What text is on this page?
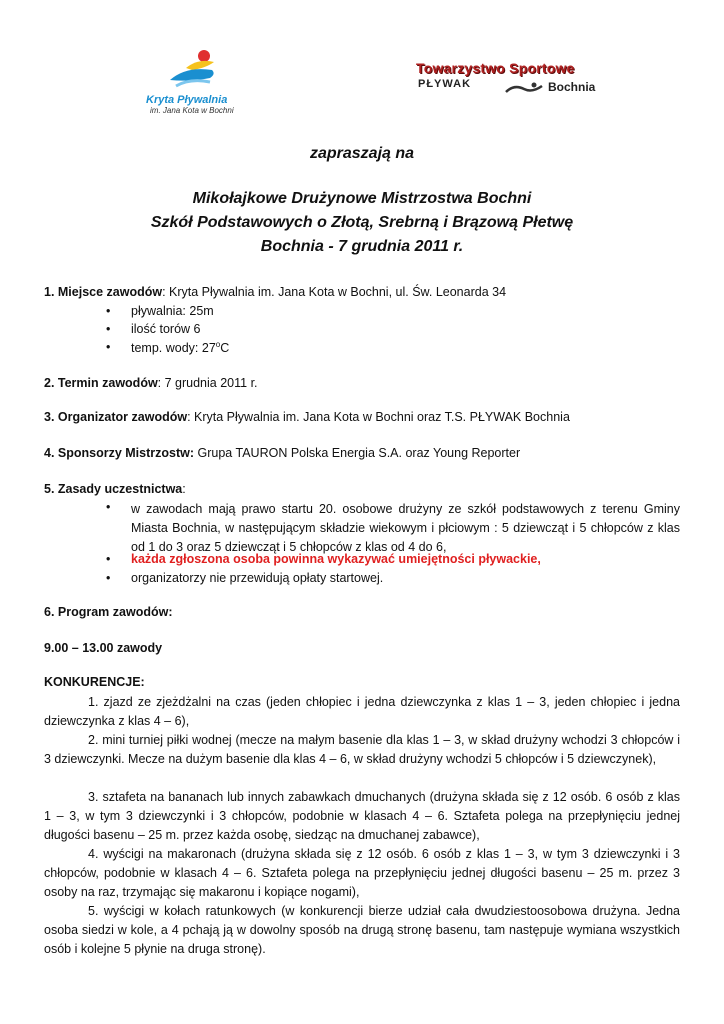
Kryta Pływalnia
im. Jana Kota w Bochni
Towarzystwo Sportowe
PŁYWAK	Bochnia
zapraszają na
Mikołajkowe Drużynowe Mistrzostwa Bochni
Szkół Podstawowych o Złotą, Srebrną i Brązową Płetwę
Bochnia - 7 grudnia 2011 r.
1. Miejsce zawodów: Kryta Pływalnia im. Jana Kota w Bochni, ul. Św. Leonarda 34
• pływalnia: 25m
• ilość torów 6
• temp. wody: 27$^o$C
2. Termin zawodów: 7 grudnia 2011 r.
3. Organizator zawodów: Kryta Pływalnia im. Jana Kota w Bochni oraz T.S. PŁYWAK Bochnia
4. Sponsorzy Mistrzostw: Grupa TAURON Polska Energia S.A. oraz Young Reporter
5. Zasady uczestnictwa:
• w zawodach mają prawo startu 20. osobowe drużyny ze szkół podstawowych z terenu Gminy Miasta Bochnia, w następującym składzie wiekowym i płciowym : 5 dziewcząt i 5 chłopców z klas od 1 do 3 oraz 5 dziewcząt i 5 chłopców z klas od 4 do 6,
• każda zgłoszona osoba powinna wykazywać umiejętności pływackie,
• organizatorzy nie przewidują opłaty startowej.
6. Program zawodów:
9.00 – 13.00 zawody
KONKURENCJE:
1. zjazd ze zjeżdżalni na czas (jeden chłopiec i jedna dziewczynka z klas 1 – 3, jeden chłopiec i jedna dziewczynka z klas 4 – 6),
2. mini turniej piłki wodnej (mecze na małym basenie dla klas 1 – 3, w skład drużyny wchodzi 3 chłopców i 3 dziewczynki. Mecze na dużym basenie dla klas 4 – 6, w skład drużyny wchodzi 5 chłopców i 5 dziewczynek),
3. sztafeta na bananach lub innych zabawkach dmuchanych (drużyna składa się z 12 osób. 6 osób z klas 1 – 3, w tym 3 dziewczynki i 3 chłopców, podobnie w klasach 4 – 6. Sztafeta polega na przepłynięciu jednej długości basenu – 25 m. przez każda osobę, siedząc na dmuchanej zabawce),
4. wyścigi na makaronach (drużyna składa się z 12 osób. 6 osób z klas 1 – 3, w tym 3 dziewczynki i 3 chłopców, podobnie w klasach 4 – 6. Sztafeta polega na przepłynięciu jednej długości basenu – 25 m. przez 3 osoby na raz, trzymając się makaronu i kopiące nogami),
5. wyścigi w kołach ratunkowych (w konkurencji bierze udział cała dwudziestoosobowa drużyna. Jedna osoba siedzi w kole, a 4 pchają ją w dowolny sposób na drugą stronę basenu, tam następuje wymiana wszystkich osób i kolejne 5 płynie na druga stronę).
